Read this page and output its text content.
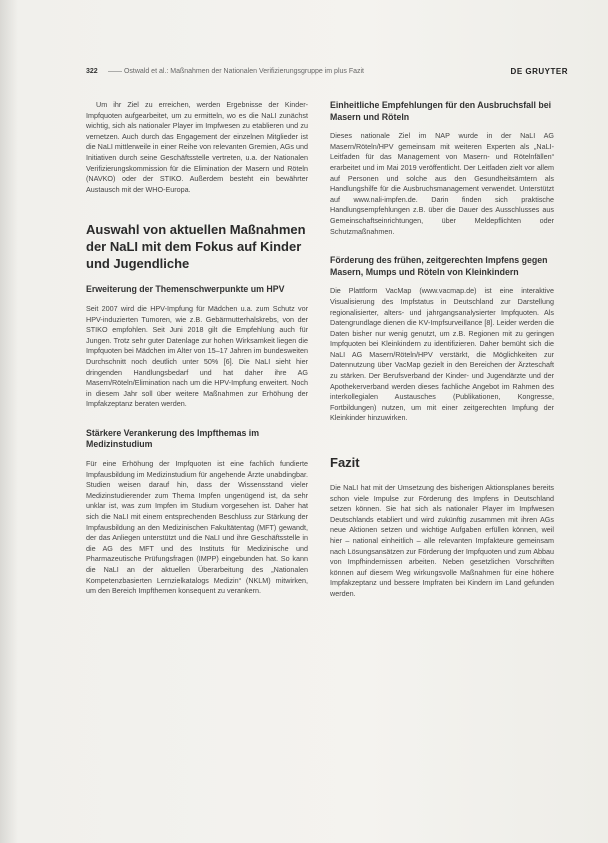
322 —— Ostwald et al.: Maßnahmen der Nationalen Verifizierungsgruppe im plus Fazit	DE GRUYTER

Um ihr Ziel zu erreichen, werden Ergebnisse der Kinder-Impfquoten aufgearbeitet, um zu ermitteln, wo es die NaLI zunächst wichtig, sich als nationaler Player im Impfwesen zu etablieren und zu vernetzen. Auch durch das Engagement der einzelnen Mitglieder ist die NaLI mittlerweile in einer Reihe von relevanten Gremien, AGs und Initiativen durch seine Geschäftsstelle vertreten, u.a. der Nationalen Verifizierungskommission für die Elimination der Masern und Röteln (NAVKO) oder der STIKO. Außerdem besteht ein bewährter Austausch mit der WHO-Europa.

Auswahl von aktuellen Maßnahmen der NaLI mit dem Fokus auf Kinder und Jugendliche
Erweiterung der Themenschwerpunkte um HPV

Seit 2007 wird die HPV-Impfung für Mädchen u.a. zum Schutz vor HPV-induzierten Tumoren, wie z.B. Gebärmutterhalskrebs, von der STIKO empfohlen. Seit Juni 2018 gilt die Empfehlung auch für Jungen. Trotz sehr guter Datenlage zur hohen Wirksamkeit liegen die Impfquoten bei Mädchen im Alter von 15–17 Jahren im bundesweiten Durchschnitt noch deutlich unter 50% [6]. Die NaLI sieht hier dringenden Handlungsbedarf und hat daher ihre AG Masern/Röteln/Elimination nach um die HPV-Impfung erweitert. Noch in diesem Jahr soll über weitere Maßnahmen zur Erhöhung der Impfakzeptanz beraten werden.

Stärkere Verankerung des Impfthemas im Medizinstudium

Für eine Erhöhung der Impfquoten ist eine fachlich fundierte Impfausbildung im Medizinstudium für angehende Ärzte unabdingbar. Studien weisen darauf hin, dass der Wissensstand vieler Medizinstudierender zum Thema Impfen ungenügend ist, da sehr unklar ist, was zum Impfen im Studium vorgesehen ist. Daher hat sich die NaLI mit einem entsprechenden Beschluss zur Stärkung der Impfausbildung an den Medizinischen Fakultätentag (MFT) gewandt, der das Anliegen unterstützt und die NaLI und ihre Geschäftsstelle in die AG des MFT und des Instituts für Medizinische und Pharmazeutische Prüfungsfragen (IMPP) eingebunden hat. So kann die NaLI an der aktuellen Überarbeitung des „Nationalen Kompetenzbasierten Lernzielkatalogs Medizin“ (NKLM) mitwirken, um den Bereich Impfthemen konsequent zu verankern.

Einheitliche Empfehlungen für den Ausbruchsfall bei Masern und Röteln

Dieses nationale Ziel im NAP wurde in der NaLI AG Masern/Röteln/HPV gemeinsam mit weiteren Experten als „NaLI-Leitfaden für das Management von Masern- und Rötelnfällen“ erarbeitet und im Mai 2019 veröffentlicht. Der Leitfaden zielt vor allem auf Personen und solche aus den Gesundheitsämtern als Handlungshilfe für die Ausbruchsmanagement verwendet. Unterstützt auf www.nali-impfen.de. Darin finden sich praktische Handlungsempfehlungen z.B. über die Dauer des Ausschlusses aus Gemeinschaftseinrichtungen, über Meldepflichten oder Schutzmaßnahmen.

Förderung des frühen, zeitgerechten Impfens gegen Masern, Mumps und Röteln von Kleinkindern

Die Plattform VacMap (www.vacmap.de) ist eine interaktive Visualisierung des Impfstatus in Deutschland zur Darstellung regionalisierter, alters- und jahrgangsanalysierter Impfquoten. Als Datengrundlage dienen die KV-Impfsurveillance [8]. Leider werden die Daten bisher nur wenig genutzt, um z.B. Regionen mit zu geringen Impfquoten bei Kleinkindern zu identifizieren. Daher bemüht sich die NaLI AG Masern/Röteln/HPV verstärkt, die Möglichkeiten zur Datennutzung über VacMap gezielt in den Bereichen der Ärzteschaft zu stärken. Der Berufsverband der Kinder- und Jugendärzte und der Apothekerverband werden dieses fachliche Angebot im Rahmen des interkollegialen Austausches (Publikationen, Kongresse, Fortbildungen) nutzen, um mit einer zeitgerechten Impfung der Kleinkinder hinzuwirken.

Fazit

Die NaLI hat mit der Umsetzung des bisherigen Aktionsplanes bereits schon viele Impulse zur Förderung des Impfens in Deutschland setzen können. Sie hat sich als nationaler Player im Impfwesen Deutschlands etabliert und wird zukünftig zusammen mit ihren AGs neue Aktionen setzen und wichtige Aufgaben erfüllen können, weil hier – national einheitlich – alle relevanten Impfakteure gemeinsam nach Lösungsansätzen zur Förderung der Impfquoten und zum Abbau von Impfhindernissen arbeiten. Neben gesetzlichen Vorschriften können auf diesem Weg wirkungsvolle Maßnahmen für eine höhere Impfakzeptanz und bessere Impfraten bei Kindern im Land gefunden werden.
